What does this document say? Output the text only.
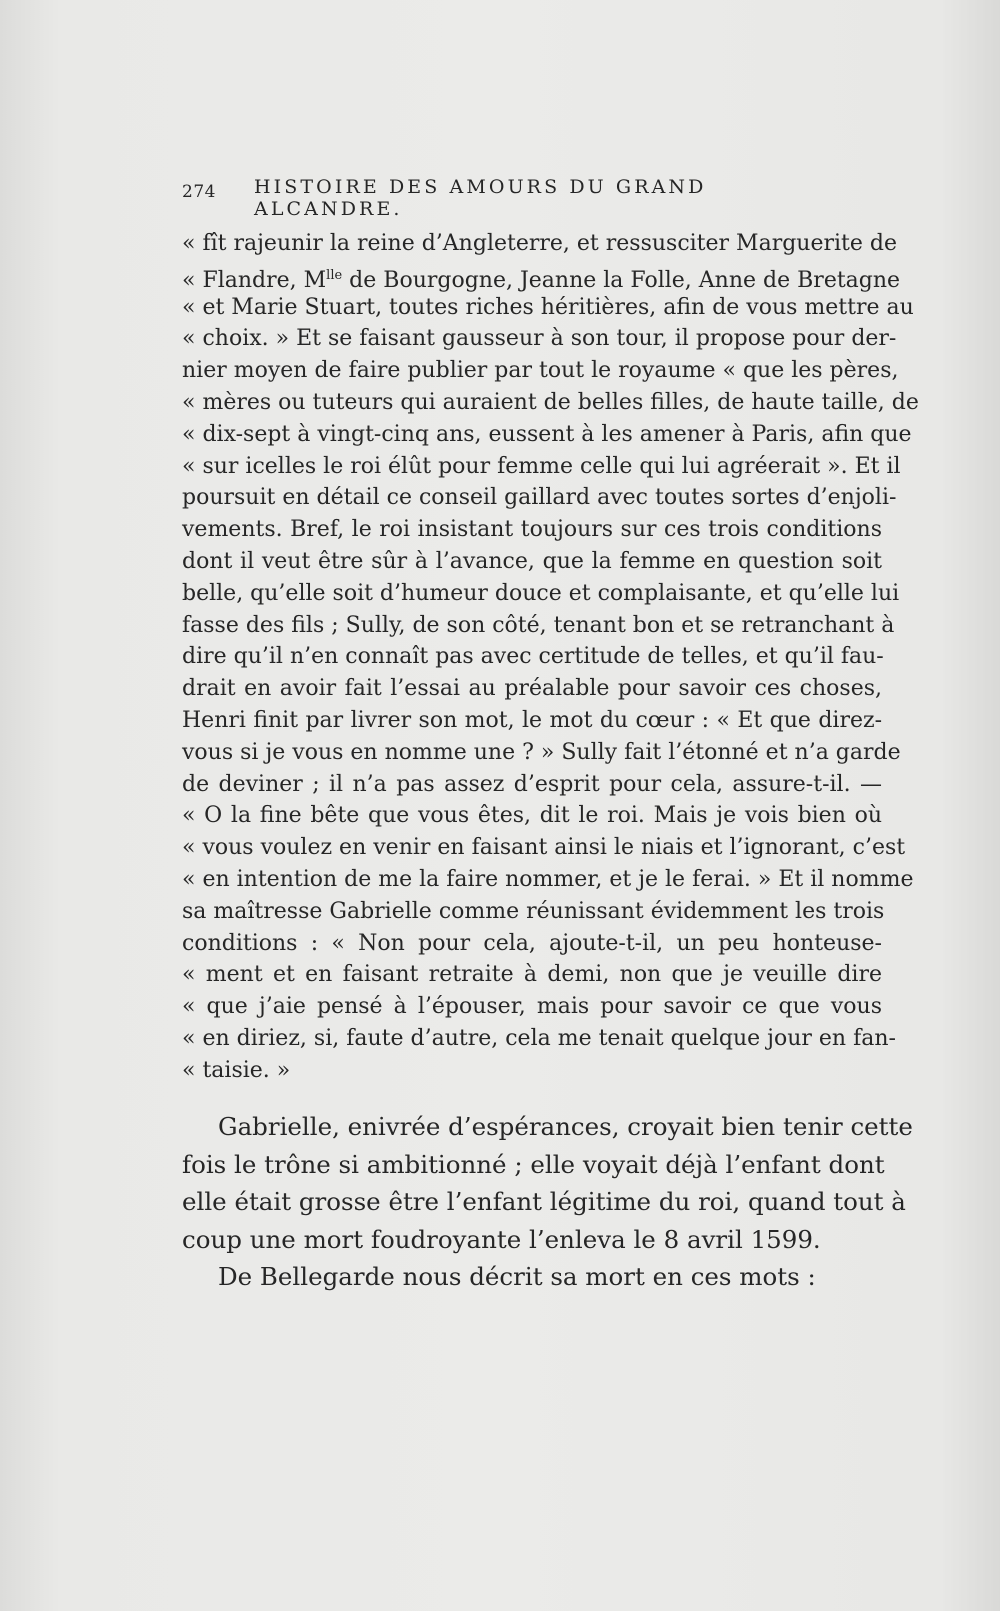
274 HISTOIRE DES AMOURS DU GRAND ALCANDRE.
« fît rajeunir la reine d’Angleterre, et ressusciter Marguerite de
« Flandre, $M^{lle}$ de Bourgogne, Jeanne la Folle, Anne de Bretagne
« et Marie Stuart, toutes riches héritières, afin de vous mettre au
« choix. » Et se faisant gausseur à son tour, il propose pour der-
nier moyen de faire publier par tout le royaume « que les pères,
« mères ou tuteurs qui auraient de belles filles, de haute taille, de
« dix-sept à vingt-cinq ans, eussent à les amener à Paris, afin que
« sur icelles le roi élût pour femme celle qui lui agréerait ». Et il
poursuit en détail ce conseil gaillard avec toutes sortes d’enjoli-
vements. Bref, le roi insistant toujours sur ces trois conditions
dont il veut être sûr à l’avance, que la femme en question soit
belle, qu’elle soit d’humeur douce et complaisante, et qu’elle lui
fasse des fils ; Sully, de son côté, tenant bon et se retranchant à
dire qu’il n’en connaît pas avec certitude de telles, et qu’il fau-
drait en avoir fait l’essai au préalable pour savoir ces choses,
Henri finit par livrer son mot, le mot du cœur : « Et que direz-
vous si je vous en nomme une ? » Sully fait l’étonné et n’a garde
de deviner ; il n’a pas assez d’esprit pour cela, assure-t-il. —
« O la fine bête que vous êtes, dit le roi. Mais je vois bien où
« vous voulez en venir en faisant ainsi le niais et l’ignorant, c’est
« en intention de me la faire nommer, et je le ferai. » Et il nomme
sa maîtresse Gabrielle comme réunissant évidemment les trois
conditions : « Non pour cela, ajoute-t-il, un peu honteuse-
« ment et en faisant retraite à demi, non que je veuille dire
« que j’aie pensé à l’épouser, mais pour savoir ce que vous
« en diriez, si, faute d’autre, cela me tenait quelque jour en fan-
« taisie. »
Gabrielle, enivrée d’espérances, croyait bien tenir cette
fois le trône si ambitionné ; elle voyait déjà l’enfant dont
elle était grosse être l’enfant légitime du roi, quand tout à
coup une mort foudroyante l’enleva le 8 avril 1599.
De Bellegarde nous décrit sa mort en ces mots :
